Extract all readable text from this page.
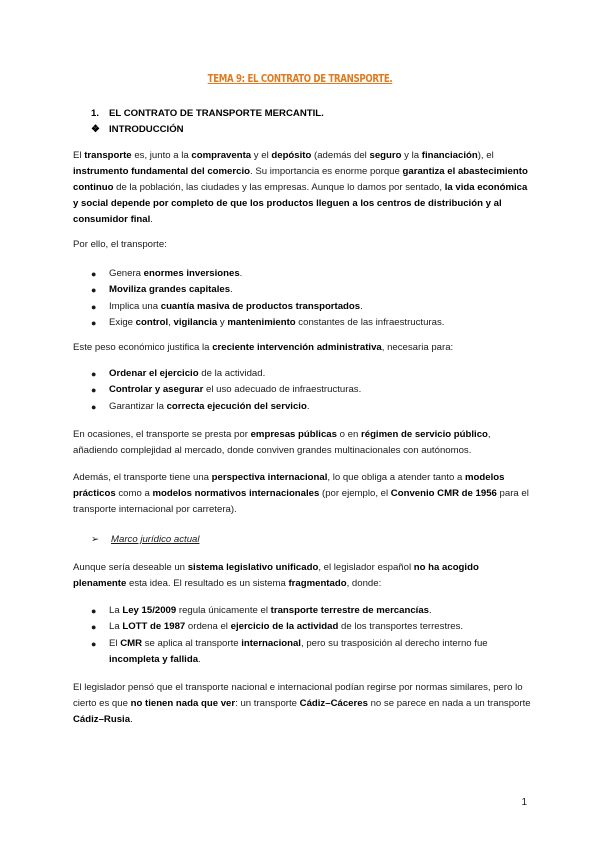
TEMA 9: EL CONTRATO DE TRANSPORTE.
1. EL CONTRATO DE TRANSPORTE MERCANTIL.
❖ INTRODUCCIÓN
El transporte es, junto a la compraventa y el depósito (además del seguro y la financiación), el instrumento fundamental del comercio. Su importancia es enorme porque garantiza el abastecimiento continuo de la población, las ciudades y las empresas. Aunque lo damos por sentado, la vida económica y social depende por completo de que los productos lleguen a los centros de distribución y al consumidor final.
Por ello, el transporte:
● Genera enormes inversiones.
● Moviliza grandes capitales.
● Implica una cuantía masiva de productos transportados.
● Exige control, vigilancia y mantenimiento constantes de las infraestructuras.
Este peso económico justifica la creciente intervención administrativa, necesaria para:
● Ordenar el ejercicio de la actividad.
● Controlar y asegurar el uso adecuado de infraestructuras.
● Garantizar la correcta ejecución del servicio.
En ocasiones, el transporte se presta por empresas públicas o en régimen de servicio público, añadiendo complejidad al mercado, donde conviven grandes multinacionales con autónomos.
Además, el transporte tiene una perspectiva internacional, lo que obliga a atender tanto a modelos prácticos como a modelos normativos internacionales (por ejemplo, el Convenio CMR de 1956 para el transporte internacional por carretera).
➢ Marco jurídico actual
Aunque sería deseable un sistema legislativo unificado, el legislador español no ha acogido plenamente esta idea. El resultado es un sistema fragmentado, donde:
● La Ley 15/2009 regula únicamente el transporte terrestre de mercancías.
● La LOTT de 1987 ordena el ejercicio de la actividad de los transportes terrestres.
● El CMR se aplica al transporte internacional, pero su trasposición al derecho interno fue incompleta y fallida.
El legislador pensó que el transporte nacional e internacional podían regirse por normas similares, pero lo cierto es que no tienen nada que ver: un transporte Cádiz–Cáceres no se parece en nada a un transporte Cádiz–Rusia.
1
